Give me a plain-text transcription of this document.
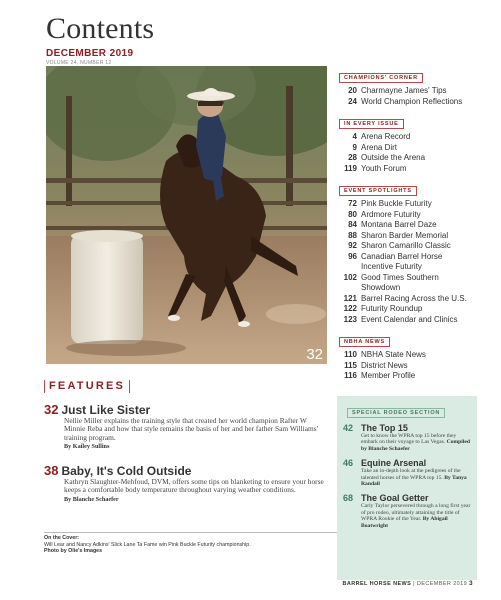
Contents
DECEMBER 2019
VOLUME 24, NUMBER 12
32
CHAMPIONS' CORNER
20 Charmayne James' Tips
24 World Champion Reflections
IN EVERY ISSUE
4 Arena Record
9 Arena Dirt
28 Outside the Arena
119 Youth Forum
EVENT SPOTLIGHTS
72 Pink Buckle Futurity
80 Ardmore Futurity
84 Montana Barrel Daze
88 Sharon Barder Memorial
92 Sharon Camarillo Classic
96 Canadian Barrel Horse Incentive Futurity
102 Good Times Southern Showdown
121 Barrel Racing Across the U.S.
122 Futurity Roundup
123 Event Calendar and Clinics
NBHA NEWS
110 NBHA State News
115 District News
116 Member Profile
FEATURES
32 Just Like Sister
Nellie Miller explains the training style that created her world champion Rafter W Minnie Reba and how that style remains the basis of her and her father Sam Williams' training program.
By Kailey Sullins
38 Baby, It's Cold Outside
Kathryn Slaughter-Mehfoud, DVM, offers some tips on blanketing to ensure your horse keeps a comfortable body temperature throughout varying weather conditions.
By Blanche Schaefer
On the Cover:
Will Lear and Nancy Adkins' Slick Lane Ta Fame win Pink Buckle Futurity championship.
Photo by Olie's Images
SPECIAL RODEO SECTION
42 The Top 15
Get to know the WPRA top 15 before they embark on their voyage to Las Vegas. Compiled by Blanche Schaefer
46 Equine Arsenal
Take an in-depth look at the pedigrees of the talented horses of the WPRA top 15. By Tanya Randall
68 The Goal Getter
Carly Taylor persevered through a long first year of pro rodeo, ultimately attaining the title of WPRA Rookie of the Year. By Abigail Boatwright
BARREL HORSE NEWS | DECEMBER 2019 3
